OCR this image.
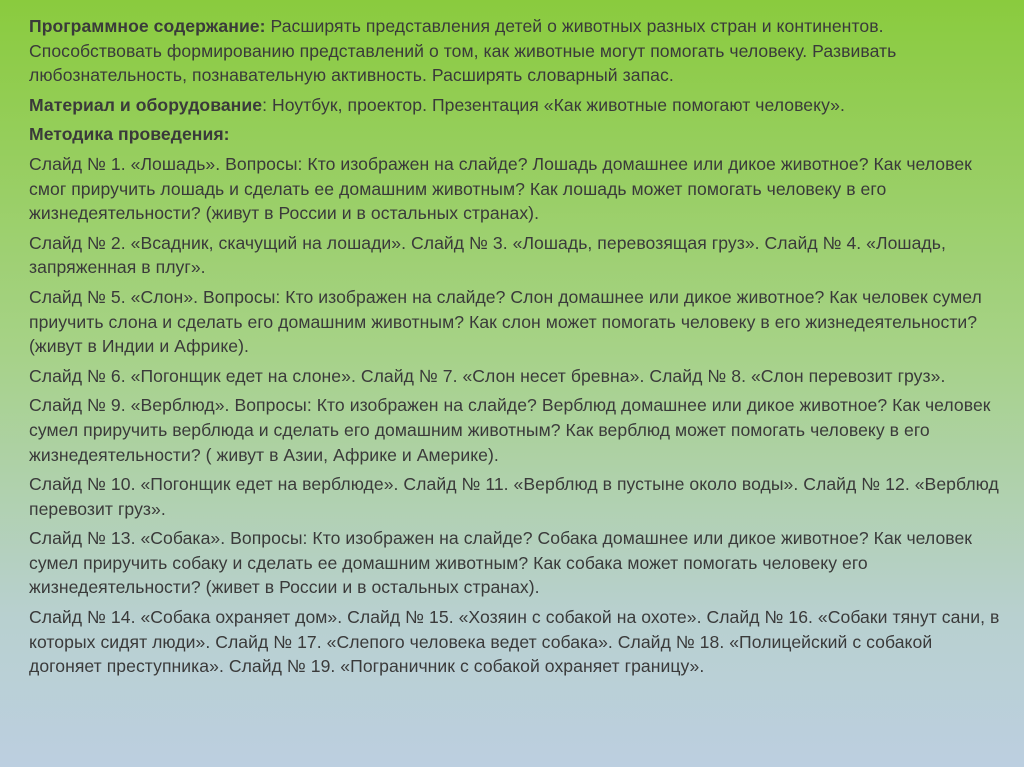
Программное содержание: Расширять представления детей о животных разных стран и континентов. Способствовать формированию представлений о том, как животные могут помогать человеку. Развивать любознательность, познавательную активность. Расширять словарный запас.

Материал и оборудование: Ноутбук, проектор. Презентация «Как животные помогают человеку».

Методика проведения:

Слайд № 1. «Лошадь». Вопросы: Кто изображен на слайде? Лошадь домашнее или дикое животное? Как человек смог приручить лошадь и сделать ее домашним животным? Как лошадь может помогать человеку в его жизнедеятельности? (живут в России и в остальных странах).

Слайд № 2. «Всадник, скачущий на лошади». Слайд № 3. «Лошадь, перевозящая груз». Слайд № 4. «Лошадь, запряженная в плуг».

Слайд № 5. «Слон». Вопросы: Кто изображен на слайде? Слон домашнее или дикое животное? Как человек сумел приучить слона и сделать его домашним животным? Как слон может помогать человеку в его жизнедеятельности? (живут в Индии и Африке).

Слайд № 6. «Погонщик едет на слоне». Слайд № 7. «Слон несет бревна». Слайд № 8. «Слон перевозит груз».

Слайд № 9. «Верблюд». Вопросы: Кто изображен на слайде? Верблюд домашнее или дикое животное? Как человек сумел приручить верблюда и сделать его домашним животным? Как верблюд может помогать человеку в его жизнедеятельности? ( живут в Азии, Африке и Америке).

Слайд № 10. «Погонщик едет на верблюде». Слайд № 11. «Верблюд в пустыне около воды». Слайд № 12. «Верблюд перевозит груз».

Слайд № 13. «Собака». Вопросы: Кто изображен на слайде? Собака домашнее или дикое животное? Как человек сумел приручить собаку и сделать ее домашним животным? Как собака может помогать человеку его жизнедеятельности? (живет в России и в остальных странах).

Слайд № 14. «Собака охраняет дом». Слайд № 15. «Хозяин с собакой на охоте». Слайд № 16. «Собаки тянут сани, в которых сидят люди». Слайд № 17. «Слепого человека ведет собака». Слайд № 18. «Полицейский с собакой догоняет преступника». Слайд № 19. «Пограничник с собакой охраняет границу».
